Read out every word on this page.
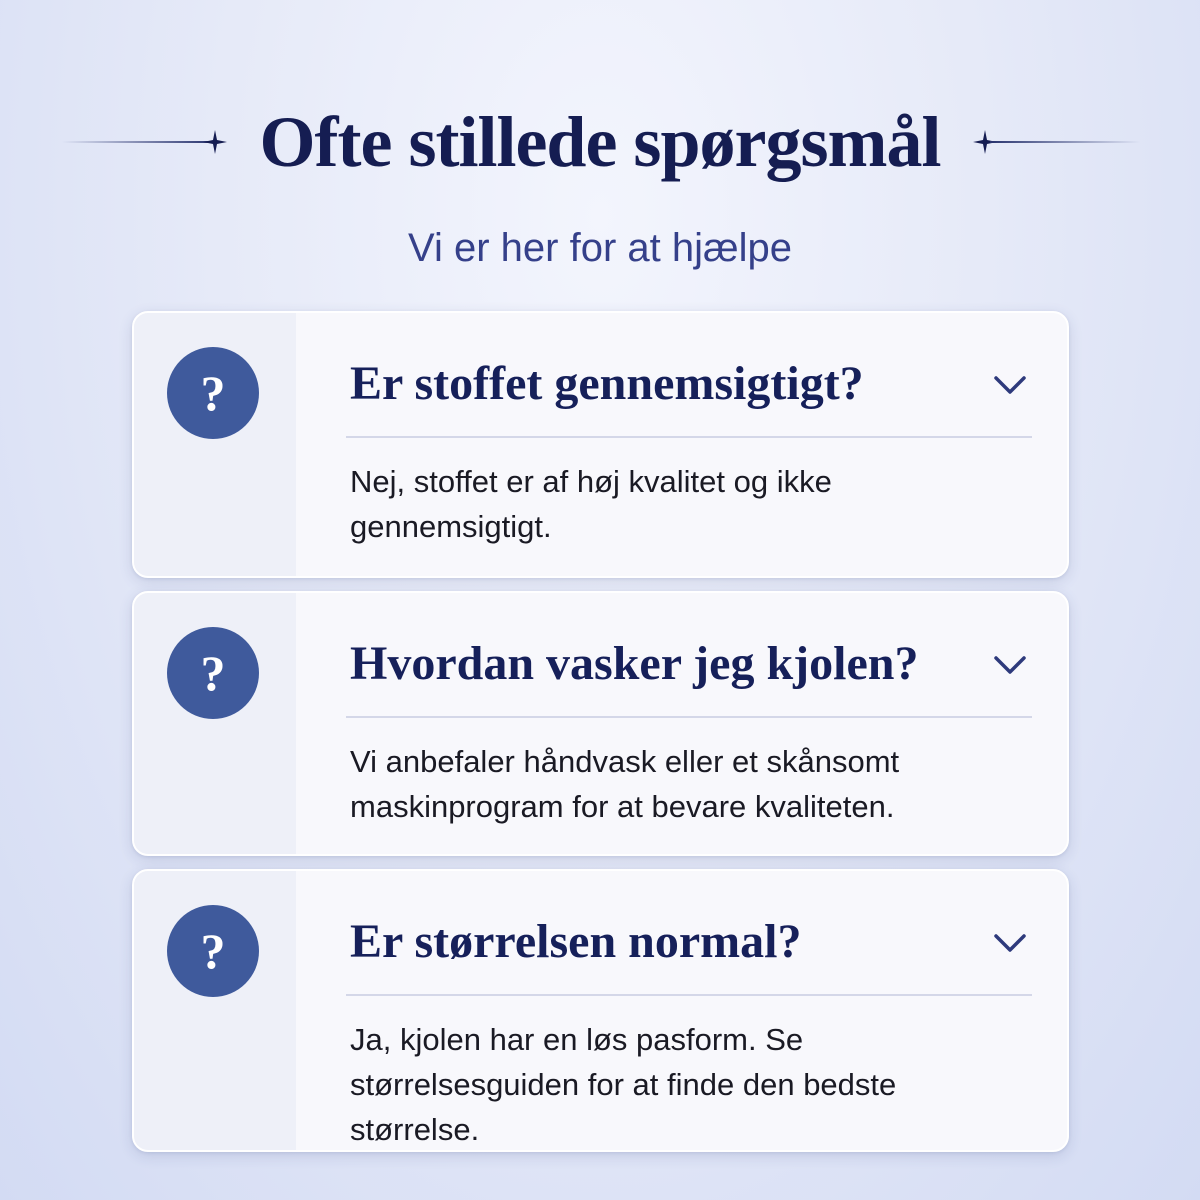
Ofte stillede spørgsmål
Vi er her for at hjælpe
?	Er stoffet gennemsigtigt?
Nej, stoffet er af høj kvalitet og ikke gennemsigtigt.
?	Hvordan vasker jeg kjolen?
Vi anbefaler håndvask eller et skånsomt maskinprogram for at bevare kvaliteten.
?	Er størrelsen normal?
Ja, kjolen har en løs pasform. Se størrelsesguiden for at finde den bedste størrelse.
